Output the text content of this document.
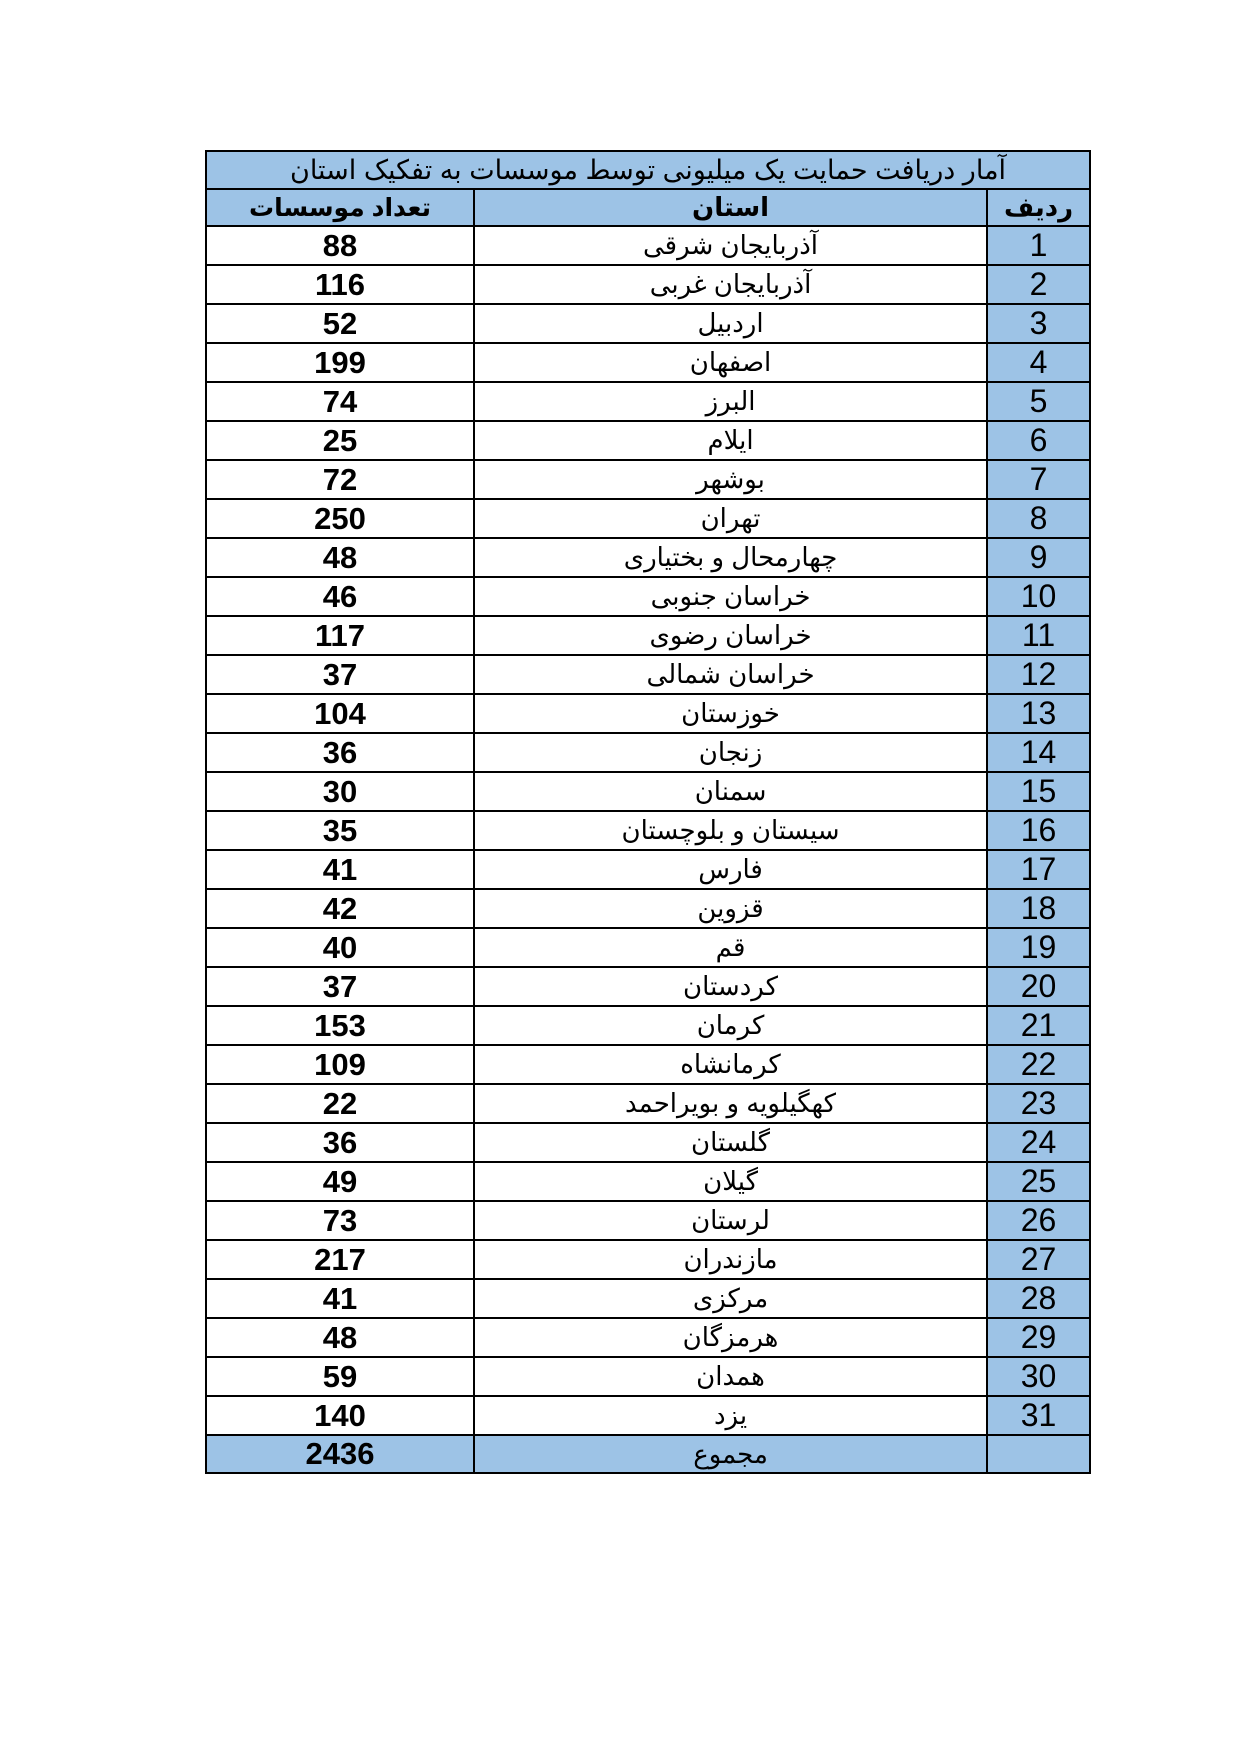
آمار دریافت حمایت یک میلیونی توسط موسسات به تفکیک استان		
ردیف	استان	تعداد موسسات
1	آذربایجان شرقی	88
2	آذربایجان غربی	116
3	اردبیل	52
4	اصفهان	199
5	البرز	74
6	ایلام	25
7	بوشهر	72
8	تهران	250
9	چهارمحال و بختیاری	48
10	خراسان جنوبی	46
11	خراسان رضوی	117
12	خراسان شمالی	37
13	خوزستان	104
14	زنجان	36
15	سمنان	30
16	سیستان و بلوچستان	35
17	فارس	41
18	قزوین	42
19	قم	40
20	کردستان	37
21	کرمان	153
22	کرمانشاه	109
23	کهگیلویه و بویراحمد	22
24	گلستان	36
25	گیلان	49
26	لرستان	73
27	مازندران	217
28	مرکزی	41
29	هرمزگان	48
30	همدان	59
31	یزد	140
	مجموع	2436
